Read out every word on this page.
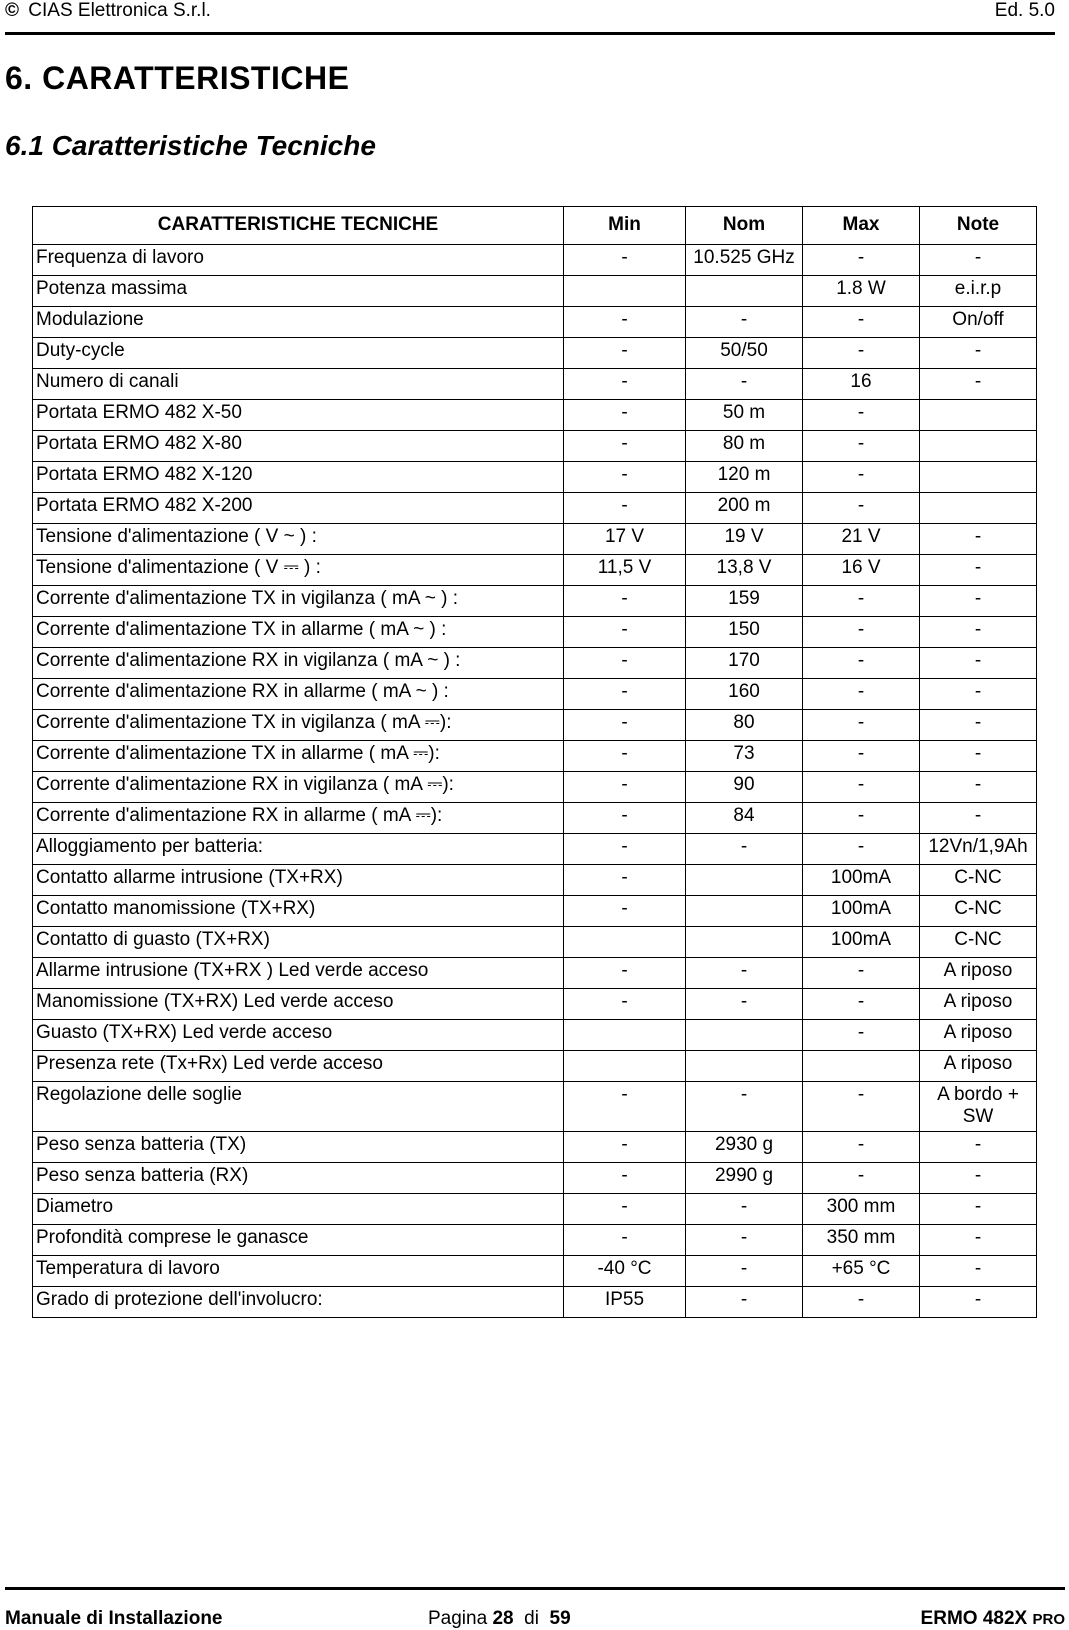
© CIAS Elettronica S.r.l.	Ed. 5.0
6. CARATTERISTICHE
6.1 Caratteristiche Tecniche
CARATTERISTICHE TECNICHE	Min	Nom	Max	Note
Frequenza di lavoro	-	10.525 GHz	-	-
Potenza massima			1.8 W	e.i.r.p
Modulazione	-	-	-	On/off
Duty-cycle	-	50/50	-	-
Numero di canali	-	-	16	-
Portata ERMO 482 X-50	-	50 m	-	
Portata ERMO 482 X-80	-	80 m	-	
Portata ERMO 482 X-120	-	120 m	-	
Portata ERMO 482 X-200	-	200 m	-	
Tensione d'alimentazione ( V ~ ) :	17 V	19 V	21 V	-
Tensione d'alimentazione ( V ⎓ ) :	11,5 V	13,8 V	16 V	-
Corrente d'alimentazione TX in vigilanza ( mA ~ ) :	-	159	-	-
Corrente d'alimentazione TX in allarme ( mA ~ ) :	-	150	-	-
Corrente d'alimentazione RX in vigilanza ( mA ~ ) :	-	170	-	-
Corrente d'alimentazione RX in allarme ( mA ~ ) :	-	160	-	-
Corrente d'alimentazione TX in vigilanza ( mA ⎓):	-	80	-	-
Corrente d'alimentazione TX in allarme ( mA ⎓):	-	73	-	-
Corrente d'alimentazione RX in vigilanza ( mA ⎓):	-	90	-	-
Corrente d'alimentazione RX in allarme ( mA ⎓):	-	84	-	-
Alloggiamento per batteria:	-	-	-	12Vn/1,9Ah
Contatto allarme intrusione (TX+RX)	-		100mA	C-NC
Contatto manomissione (TX+RX)	-		100mA	C-NC
Contatto di guasto (TX+RX)			100mA	C-NC
Allarme intrusione (TX+RX ) Led verde acceso	-	-	-	A riposo
Manomissione (TX+RX) Led verde acceso	-	-	-	A riposo
Guasto (TX+RX) Led verde acceso			-	A riposo
Presenza rete (Tx+Rx) Led verde acceso				A riposo
Regolazione delle soglie	-	-	-	A bordo + SW
Peso senza batteria (TX)	-	2930 g	-	-
Peso senza batteria (RX)	-	2990 g	-	-
Diametro	-	-	300 mm	-
Profondità comprese le ganasce	-	-	350 mm	-
Temperatura di lavoro	-40 °C	-	+65 °C	-
Grado di protezione dell'involucro:	IP55	-	-	-
Manuale di Installazione	Pagina 28 di 59	ERMO 482X PRO
